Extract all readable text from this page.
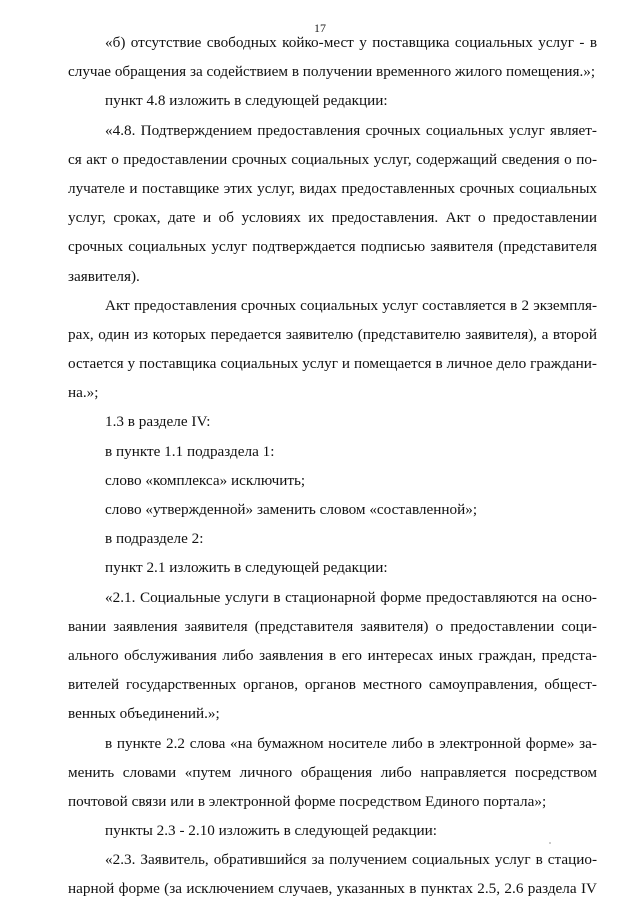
17
«б) отсутствие свободных койко-мест у поставщика социальных услуг - в
случае обращения за содействием в получении временного жилого помещения.»;
пункт 4.8 изложить в следующей редакции:
«4.8. Подтверждением предоставления срочных социальных услуг являет-
ся акт о предоставлении срочных социальных услуг, содержащий сведения о по-
лучателе и поставщике этих услуг, видах предоставленных срочных социальных
услуг, сроках, дате и об условиях их предоставления. Акт о предоставлении
срочных социальных услуг подтверждается подписью заявителя (представителя
заявителя).
Акт предоставления срочных социальных услуг составляется в 2 экземпля-
рах, один из которых передается заявителю (представителю заявителя), а второй
остается у поставщика социальных услуг и помещается в личное дело граждани-
на.»;
1.3 в разделе IV:
в пункте 1.1 подраздела 1:
слово «комплекса» исключить;
слово «утвержденной» заменить словом «составленной»;
в подразделе 2:
пункт 2.1 изложить в следующей редакции:
«2.1. Социальные услуги в стационарной форме предоставляются на осно-
вании заявления заявителя (представителя заявителя) о предоставлении соци-
ального обслуживания либо заявления в его интересах иных граждан, предста-
вителей государственных органов, органов местного самоуправления, общест-
венных объединений.»;
в пункте 2.2 слова «на бумажном носителе либо в электронной форме» за-
менить словами «путем личного обращения либо направляется посредством
почтовой связи или в электронной форме посредством Единого портала»;
пункты 2.3 - 2.10 изложить в следующей редакции:
«2.3. Заявитель, обратившийся за получением социальных услуг в стацио-
нарной форме (за исключением случаев, указанных в пунктах 2.5, 2.6 раздела IV
